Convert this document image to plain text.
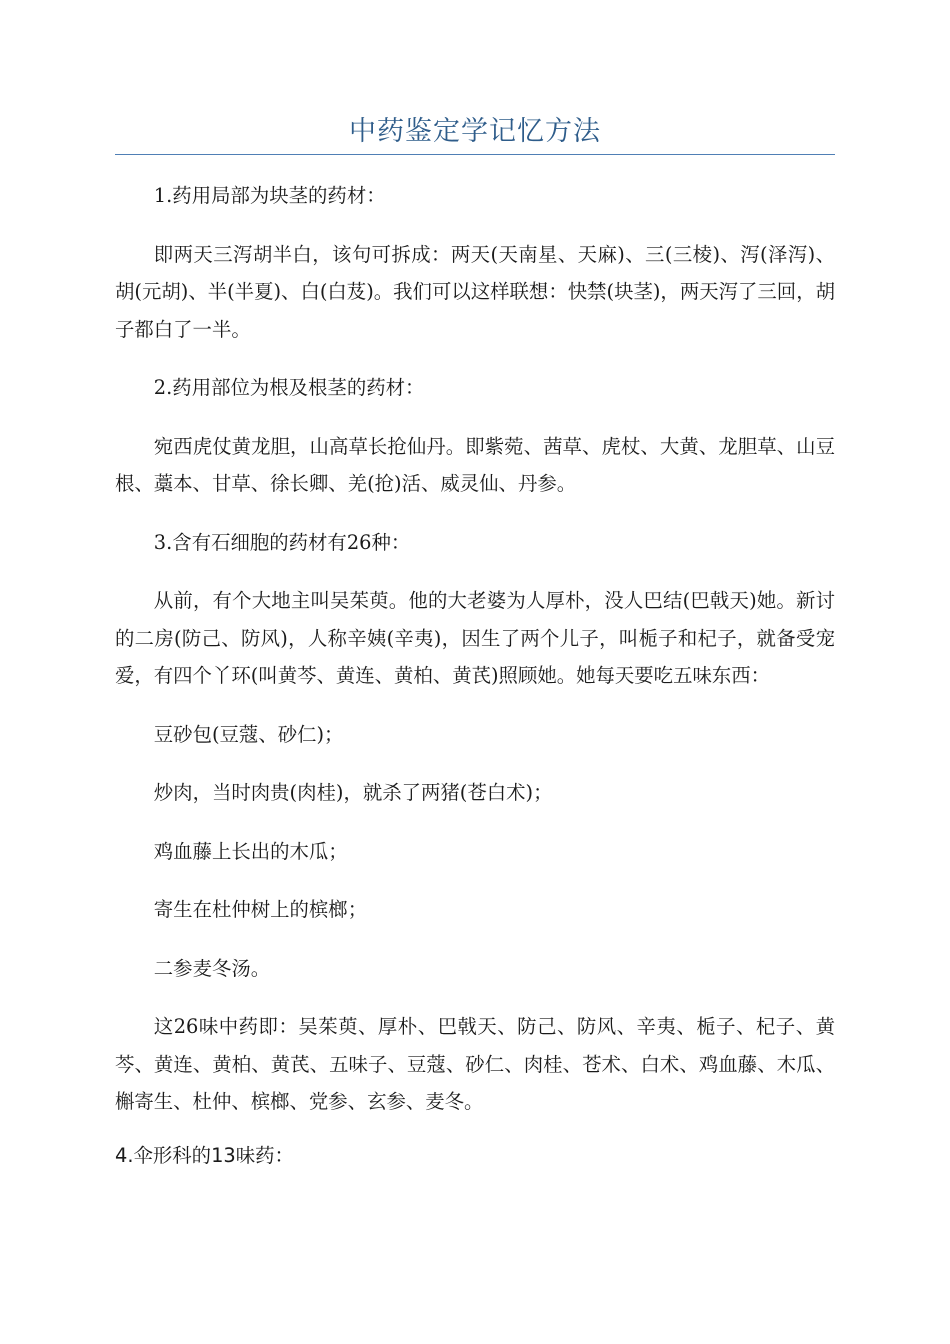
中药鉴定学记忆方法

1.药用局部为块茎的药材：

即两天三泻胡半白，该句可拆成：两天(天南星、天麻)、三(三棱)、泻(泽泻)、胡(元胡)、半(半夏)、白(白芨)。我们可以这样联想：快禁(块茎)，两天泻了三回，胡子都白了一半。

2.药用部位为根及根茎的药材：

宛西虎仗黄龙胆，山高草长抢仙丹。即紫菀、茜草、虎杖、大黄、龙胆草、山豆根、藁本、甘草、徐长卿、羌(抢)活、威灵仙、丹参。

3.含有石细胞的药材有26种：

从前，有个大地主叫吴茱萸。他的大老婆为人厚朴，没人巴结(巴戟天)她。新讨的二房(防己、防风)，人称辛姨(辛夷)，因生了两个儿子，叫栀子和杞子，就备受宠爱，有四个丫环(叫黄芩、黄连、黄柏、黄芪)照顾她。她每天要吃五味东西：

豆砂包(豆蔻、砂仁)；

炒肉，当时肉贵(肉桂)，就杀了两猪(苍白术)；

鸡血藤上长出的木瓜；

寄生在杜仲树上的槟榔；

二参麦冬汤。

这26味中药即：吴茱萸、厚朴、巴戟天、防己、防风、辛夷、栀子、杞子、黄芩、黄连、黄柏、黄芪、五味子、豆蔻、砂仁、肉桂、苍术、白术、鸡血藤、木瓜、槲寄生、杜仲、槟榔、党参、玄参、麦冬。

4.伞形科的13味药：
